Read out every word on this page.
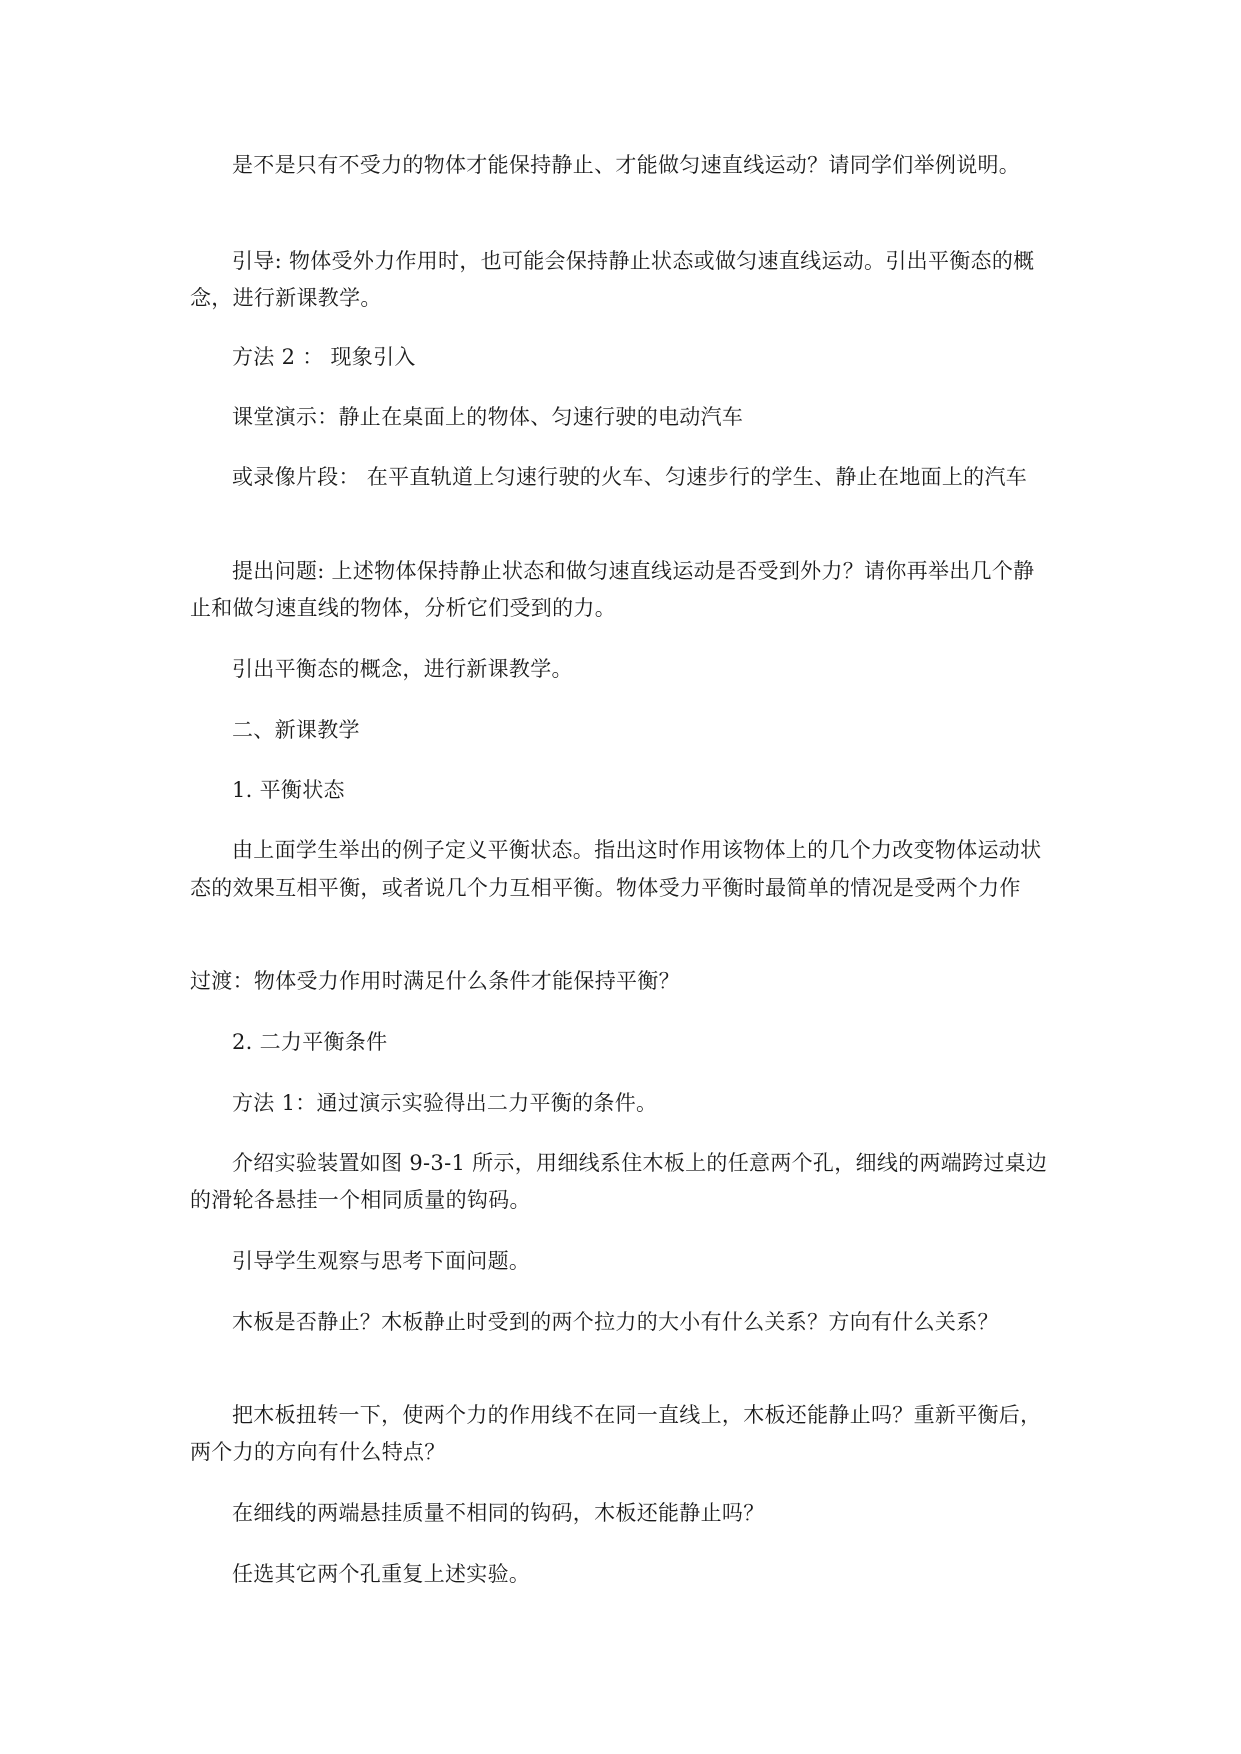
是不是只有不受力的物体才能保持静止、才能做匀速直线运动？请同学们举例说明。
引导: 物体受外力作用时，也可能会保持静止状态或做匀速直线运动。引出平衡态的概
念，进行新课教学。
方法 2 ： 现象引入
课堂演示：静止在桌面上的物体、匀速行驶的电动汽车
或录像片段： 在平直轨道上匀速行驶的火车、匀速步行的学生、静止在地面上的汽车
提出问题: 上述物体保持静止状态和做匀速直线运动是否受到外力？请你再举出几个静
止和做匀速直线的物体，分析它们受到的力。
引出平衡态的概念，进行新课教学。
二、新课教学
1. 平衡状态
由上面学生举出的例子定义平衡状态。指出这时作用该物体上的几个力改变物体运动状
态的效果互相平衡，或者说几个力互相平衡。物体受力平衡时最简单的情况是受两个力作
过渡：物体受力作用时满足什么条件才能保持平衡？
2. 二力平衡条件
方法 1：通过演示实验得出二力平衡的条件。
介绍实验装置如图 9-3-1 所示，用细线系住木板上的任意两个孔，细线的两端跨过桌边
的滑轮各悬挂一个相同质量的钩码。
引导学生观察与思考下面问题。
木板是否静止？木板静止时受到的两个拉力的大小有什么关系？方向有什么关系？
把木板扭转一下，使两个力的作用线不在同一直线上，木板还能静止吗？重新平衡后，
两个力的方向有什么特点？
在细线的两端悬挂质量不相同的钩码，木板还能静止吗？
任选其它两个孔重复上述实验。
